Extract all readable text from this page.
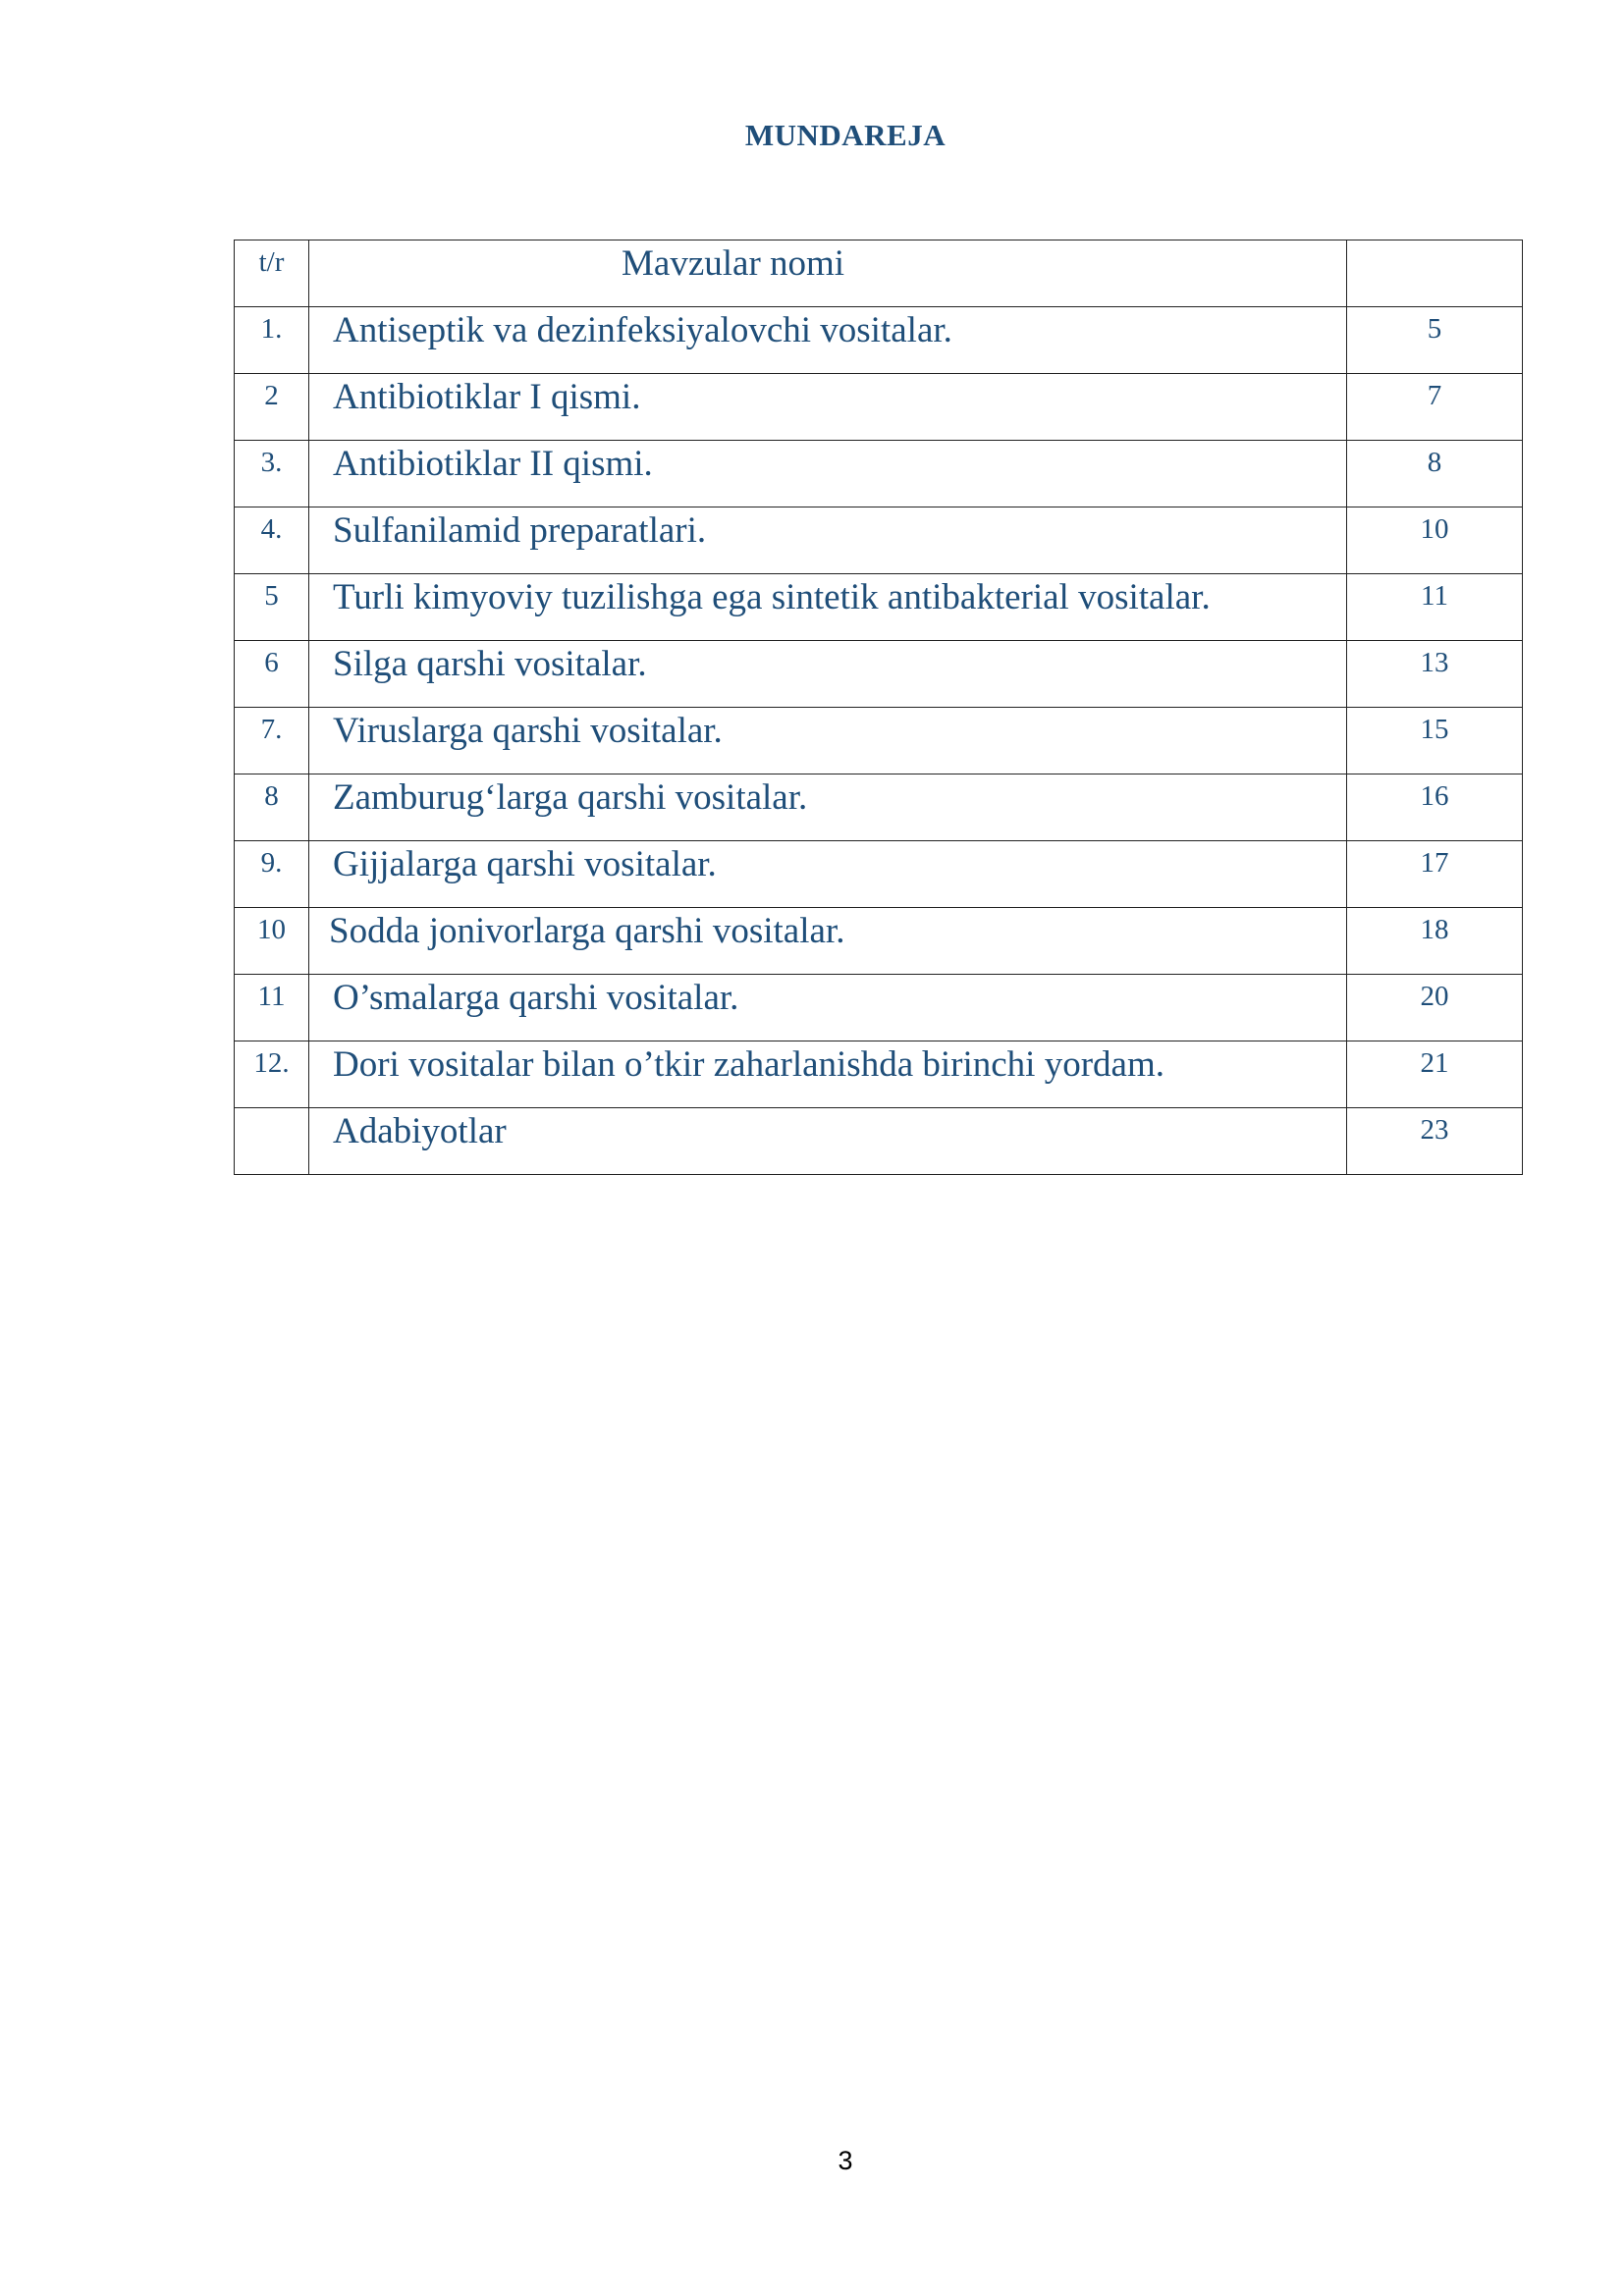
MUNDAREJA
t/r	Mavzular nomi	

1.	Antiseptik va dezinfeksiyalovchi vositalar.	5

2	Antibiotiklar I qismi.	7

3.	Antibiotiklar II qismi.	8

4.	Sulfanilamid preparatlari.	10

5	Turli kimyoviy tuzilishga ega sintetik antibakterial vositalar.	11

6	Silga qarshi vositalar.	13

7.	Viruslarga qarshi vositalar.	15

8	Zamburug‘larga qarshi vositalar.	16

9.	Gijjalarga qarshi vositalar.	17

10	Sodda jonivorlarga qarshi vositalar.	18

11	O’smalarga qarshi vositalar.	20

12.	Dori vositalar bilan o’tkir zaharlanishda birinchi yordam.	21

	Adabiyotlar	23
3
